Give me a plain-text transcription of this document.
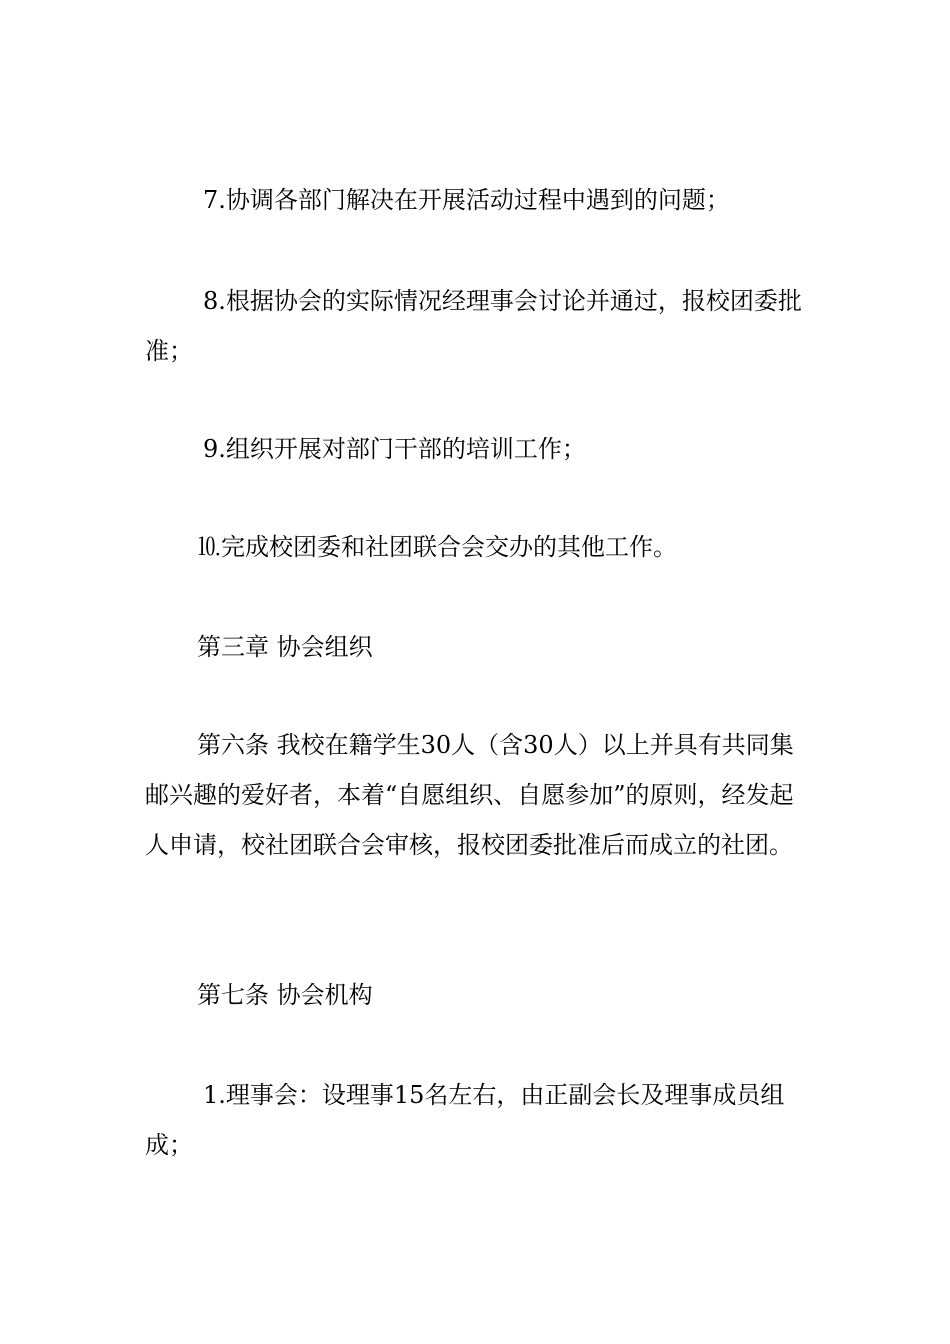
7.协调各部门解决在开展活动过程中遇到的问题；

8.根据协会的实际情况经理事会讨论并通过，报校团委批准；

9.组织开展对部门干部的培训工作；

⒑完成校团委和社团联合会交办的其他工作。

第三章 协会组织

第六条 我校在籍学生30人（含30人）以上并具有共同集邮兴趣的爱好者，本着“自愿组织、自愿参加”的原则，经发起人申请，校社团联合会审核，报校团委批准后而成立的社团。

第七条 协会机构

1.理事会：设理事15名左右，由正副会长及理事成员组成；
